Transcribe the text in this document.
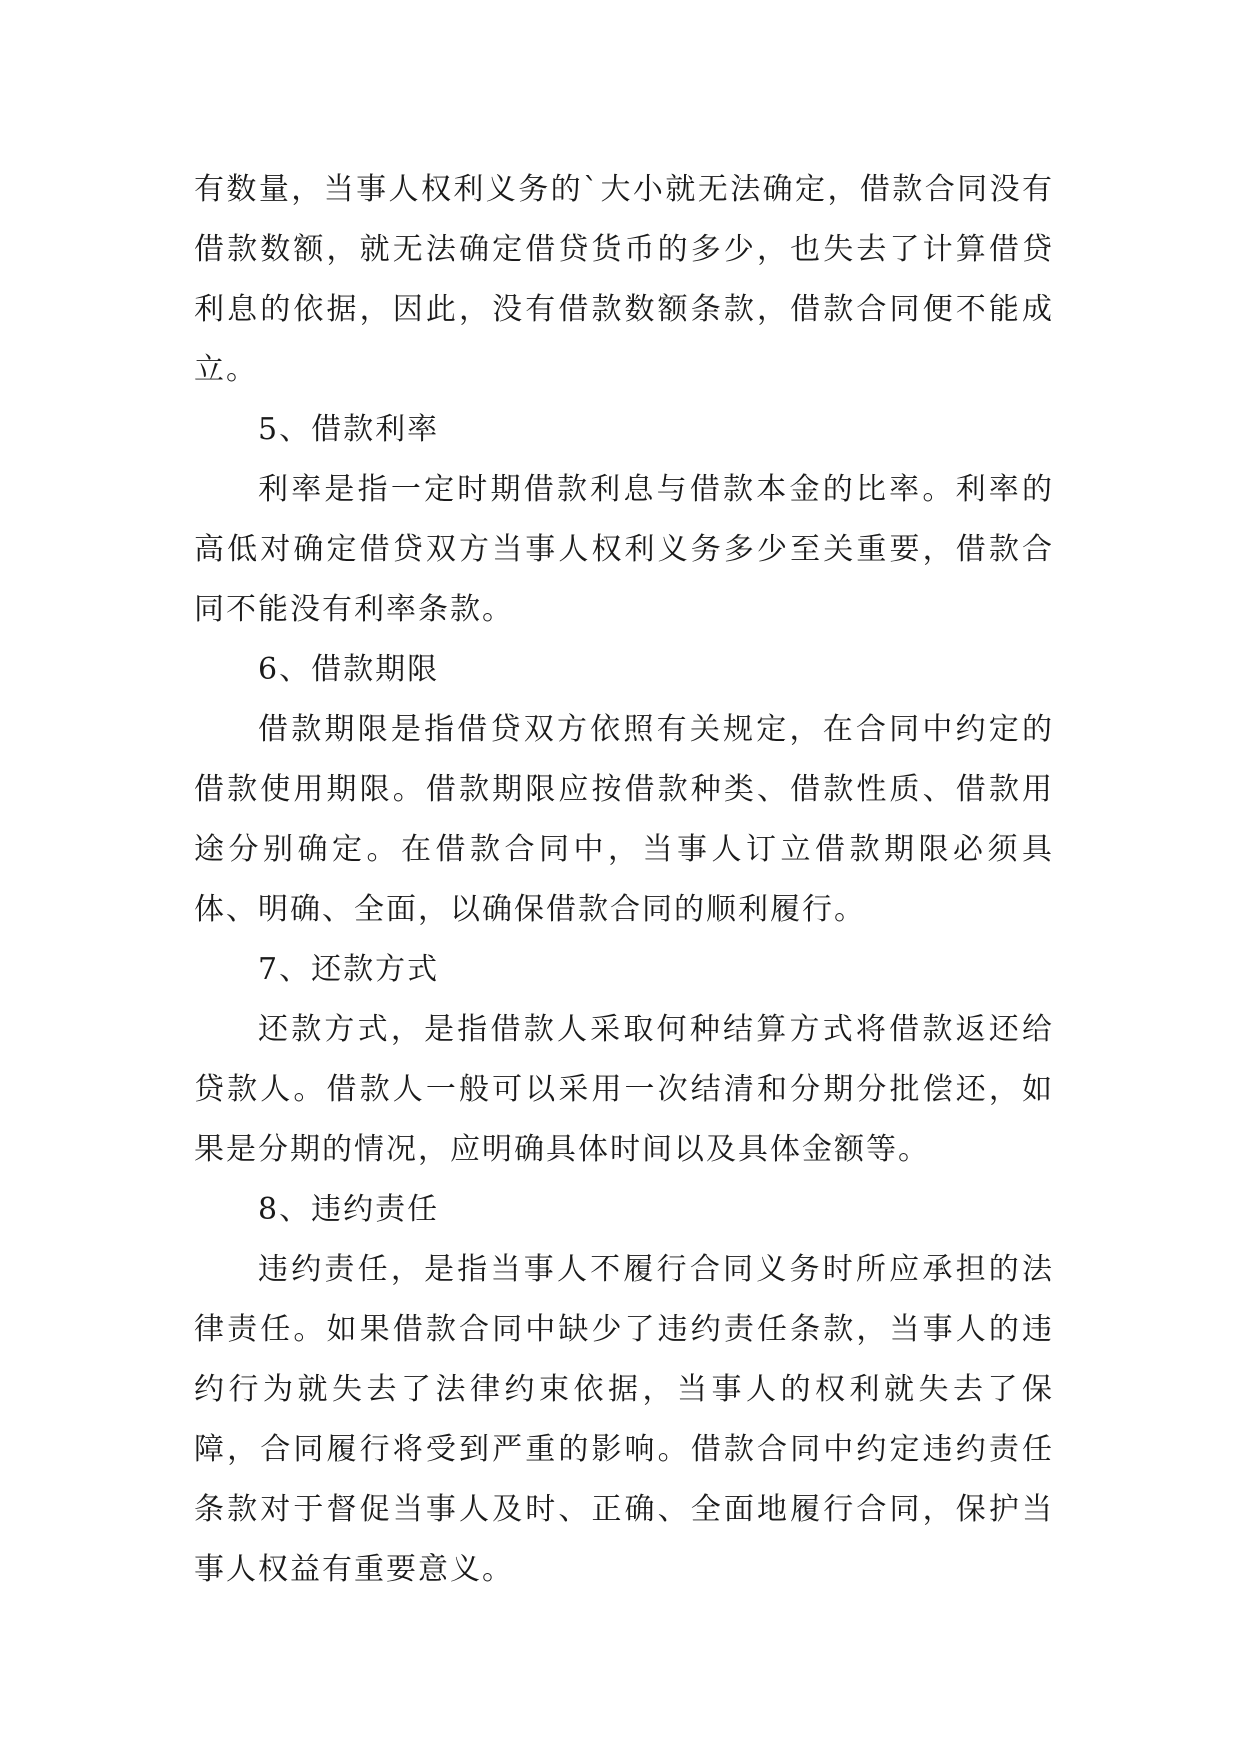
有数量，当事人权利义务的`大小就无法确定，借款合同没有借款数额，就无法确定借贷货币的多少，也失去了计算借贷利息的依据，因此，没有借款数额条款，借款合同便不能成立。

5、借款利率

利率是指一定时期借款利息与借款本金的比率。利率的高低对确定借贷双方当事人权利义务多少至关重要，借款合同不能没有利率条款。

6、借款期限

借款期限是指借贷双方依照有关规定，在合同中约定的借款使用期限。借款期限应按借款种类、借款性质、借款用途分别确定。在借款合同中，当事人订立借款期限必须具体、明确、全面，以确保借款合同的顺利履行。

7、还款方式

还款方式，是指借款人采取何种结算方式将借款返还给贷款人。借款人一般可以采用一次结清和分期分批偿还，如果是分期的情况，应明确具体时间以及具体金额等。

8、违约责任

违约责任，是指当事人不履行合同义务时所应承担的法律责任。如果借款合同中缺少了违约责任条款，当事人的违约行为就失去了法律约束依据，当事人的权利就失去了保障，合同履行将受到严重的影响。借款合同中约定违约责任条款对于督促当事人及时、正确、全面地履行合同，保护当事人权益有重要意义。
